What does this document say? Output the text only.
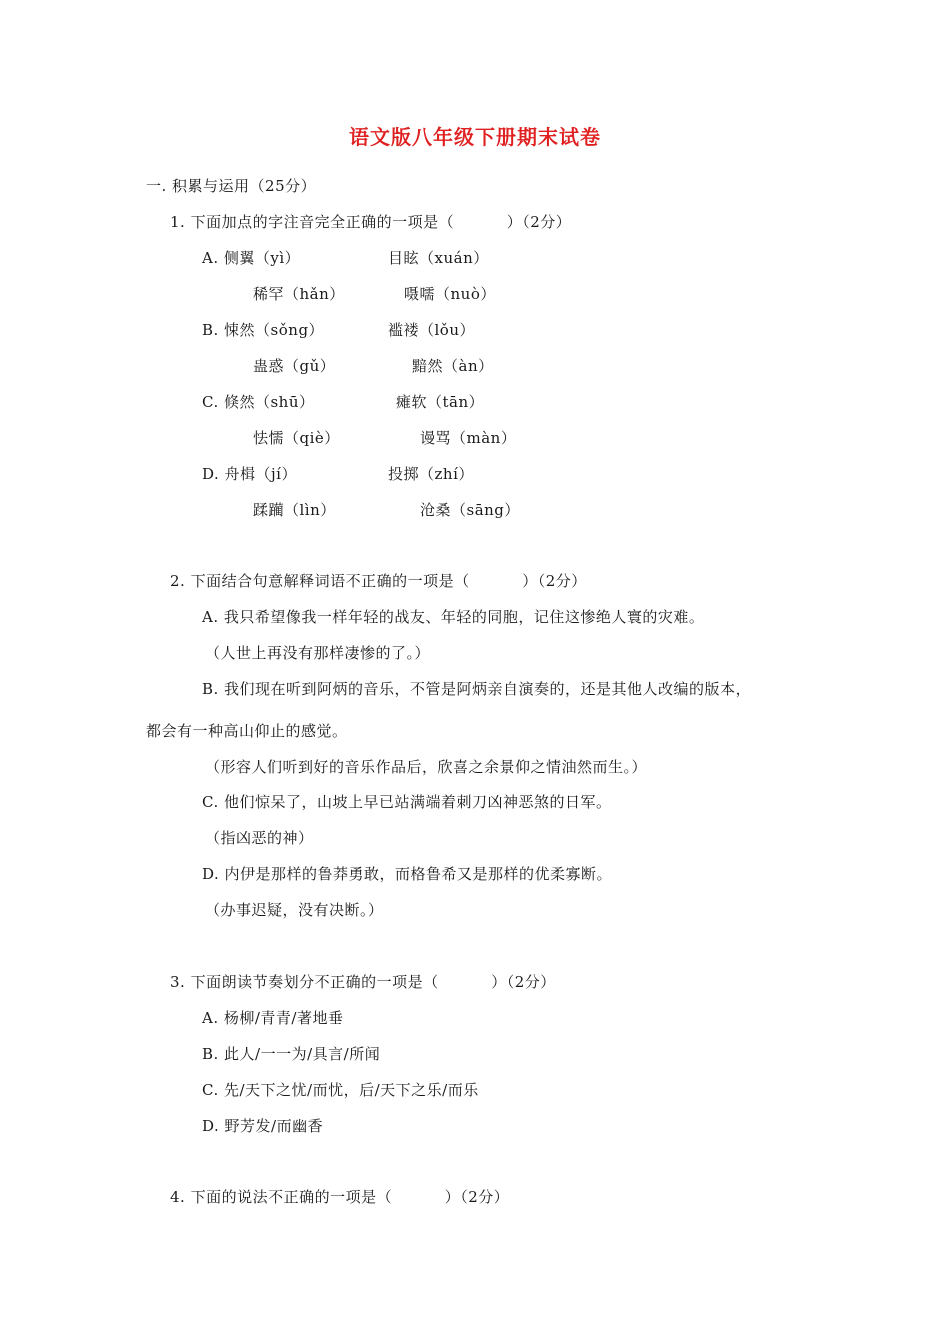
语文版八年级下册期末试卷
一. 积累与运用（25分）
1. 下面加点的字注音完全正确的一项是（          ）（2分）
A. 侧翼（yì）	目眩（xuán）
稀罕（hǎn）	嗫嚅（nuò）
B. 悚然（sǒng）	褴褛（lǒu）
蛊惑（gǔ）	黯然（àn）
C. 倏然（shū）	瘫软（tān）
怯懦（qiè）	谩骂（màn）
D. 舟楫（jí）	投掷（zhí）
蹂躏（lìn）	沧桑（sāng）
2. 下面结合句意解释词语不正确的一项是（          ）（2分）
A. 我只希望像我一样年轻的战友、年轻的同胞，记住这惨绝人寰的灾难。
（人世上再没有那样凄惨的了。）
B. 我们现在听到阿炳的音乐，不管是阿炳亲自演奏的，还是其他人改编的版本，
都会有一种高山仰止的感觉。
（形容人们听到好的音乐作品后，欣喜之余景仰之情油然而生。）
C. 他们惊呆了，山坡上早已站满端着刺刀凶神恶煞的日军。
（指凶恶的神）
D. 内伊是那样的鲁莽勇敢，而格鲁希又是那样的优柔寡断。
（办事迟疑，没有决断。）
3. 下面朗读节奏划分不正确的一项是（          ）（2分）
A. 杨柳/青青/著地垂
B. 此人/一一为/具言/所闻
C. 先/天下之忧/而忧，后/天下之乐/而乐
D. 野芳发/而幽香
4. 下面的说法不正确的一项是（          ）（2分）
